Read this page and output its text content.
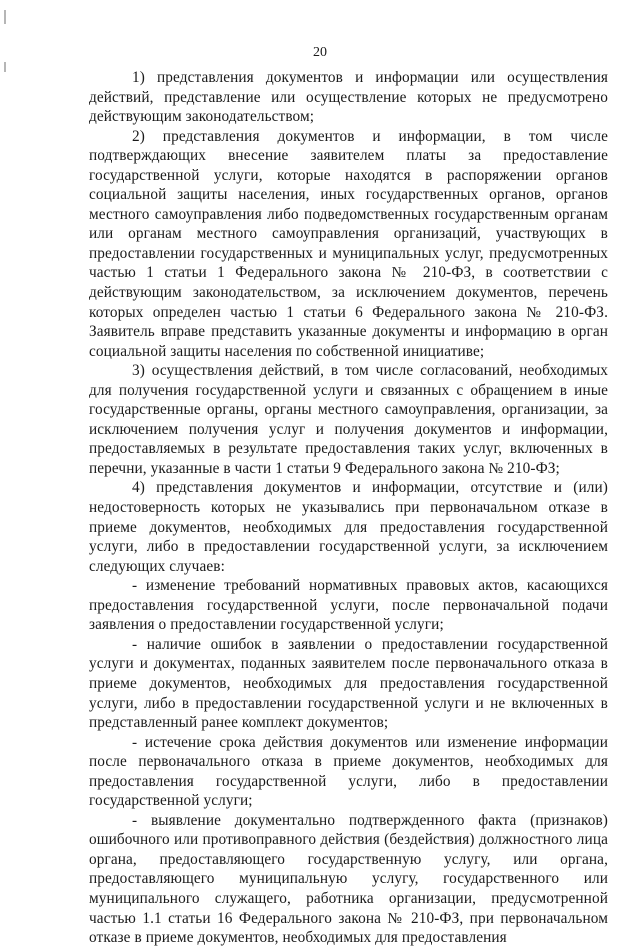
20

1) представления документов и информации или осуществления действий, представление или осуществление которых не предусмотрено действующим законодательством;

2) представления документов и информации, в том числе подтверждающих внесение заявителем платы за предоставление государственной услуги, которые находятся в распоряжении органов социальной защиты населения, иных государственных органов, органов местного самоуправления либо подведомственных государственным органам или органам местного самоуправления организаций, участвующих в предоставлении государственных и муниципальных услуг, предусмотренных частью 1 статьи 1 Федерального закона № 210-ФЗ, в соответствии с действующим законодательством, за исключением документов, перечень которых определен частью 1 статьи 6 Федерального закона № 210-ФЗ. Заявитель вправе представить указанные документы и информацию в орган социальной защиты населения по собственной инициативе;

3) осуществления действий, в том числе согласований, необходимых для получения государственной услуги и связанных с обращением в иные государственные органы, органы местного самоуправления, организации, за исключением получения услуг и получения документов и информации, предоставляемых в результате предоставления таких услуг, включенных в перечни, указанные в части 1 статьи 9 Федерального закона № 210-ФЗ;

4) представления документов и информации, отсутствие и (или) недостоверность которых не указывались при первоначальном отказе в приеме документов, необходимых для предоставления государственной услуги, либо в предоставлении государственной услуги, за исключением следующих случаев:

- изменение требований нормативных правовых актов, касающихся предоставления государственной услуги, после первоначальной подачи заявления о предоставлении государственной услуги;

- наличие ошибок в заявлении о предоставлении государственной услуги и документах, поданных заявителем после первоначального отказа в приеме документов, необходимых для предоставления государственной услуги, либо в предоставлении государственной услуги и не включенных в представленный ранее комплект документов;

- истечение срока действия документов или изменение информации после первоначального отказа в приеме документов, необходимых для предоставления государственной услуги, либо в предоставлении государственной услуги;

- выявление документально подтвержденного факта (признаков) ошибочного или противоправного действия (бездействия) должностного лица органа, предоставляющего государственную услугу, или органа, предоставляющего муниципальную услугу, государственного или муниципального служащего, работника организации, предусмотренной частью 1.1 статьи 16 Федерального закона № 210-ФЗ, при первоначальном отказе в приеме документов, необходимых для предоставления
